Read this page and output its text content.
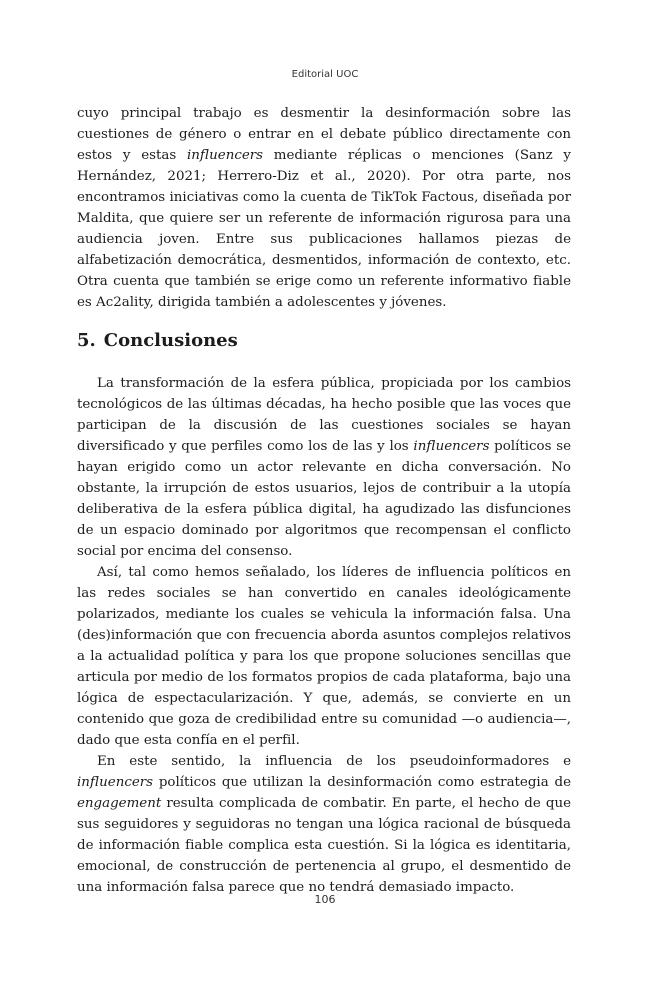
Editorial UOC

cuyo principal trabajo es desmentir la desinformación sobre las cuestiones de género o entrar en el debate público directamente con estos y estas influencers mediante réplicas o menciones (Sanz y Hernández, 2021; Herrero-Diz et al., 2020). Por otra parte, nos encontramos iniciativas como la cuenta de TikTok Factous, diseñada por Maldita, que quiere ser un referente de información rigurosa para una audiencia joven. Entre sus publicaciones hallamos piezas de alfabetización democrática, desmentidos, información de contexto, etc. Otra cuenta que también se erige como un referente informativo fiable es Ac2ality, dirigida también a adolescentes y jóvenes.

5. Conclusiones

La transformación de la esfera pública, propiciada por los cambios tecnológicos de las últimas décadas, ha hecho posible que las voces que participan de la discusión de las cuestiones sociales se hayan diversificado y que perfiles como los de las y los influencers políticos se hayan erigido como un actor relevante en dicha conversación. No obstante, la irrupción de estos usuarios, lejos de contribuir a la utopía deliberativa de la esfera pública digital, ha agudizado las disfunciones de un espacio dominado por algoritmos que recompensan el conflicto social por encima del consenso.

Así, tal como hemos señalado, los líderes de influencia políticos en las redes sociales se han convertido en canales ideológicamente polarizados, mediante los cuales se vehicula la información falsa. Una (des)información que con frecuencia aborda asuntos complejos relativos a la actualidad política y para los que propone soluciones sencillas que articula por medio de los formatos propios de cada plataforma, bajo una lógica de espectacularización. Y que, además, se convierte en un contenido que goza de credibilidad entre su comunidad —o audiencia—, dado que esta confía en el perfil.

En este sentido, la influencia de los pseudoinformadores e influencers políticos que utilizan la desinformación como estrategia de engagement resulta complicada de combatir. En parte, el hecho de que sus seguidores y seguidoras no tengan una lógica racional de búsqueda de información fiable complica esta cuestión. Si la lógica es identitaria, emocional, de construcción de pertenencia al grupo, el desmentido de una información falsa parece que no tendrá demasiado impacto.

106
